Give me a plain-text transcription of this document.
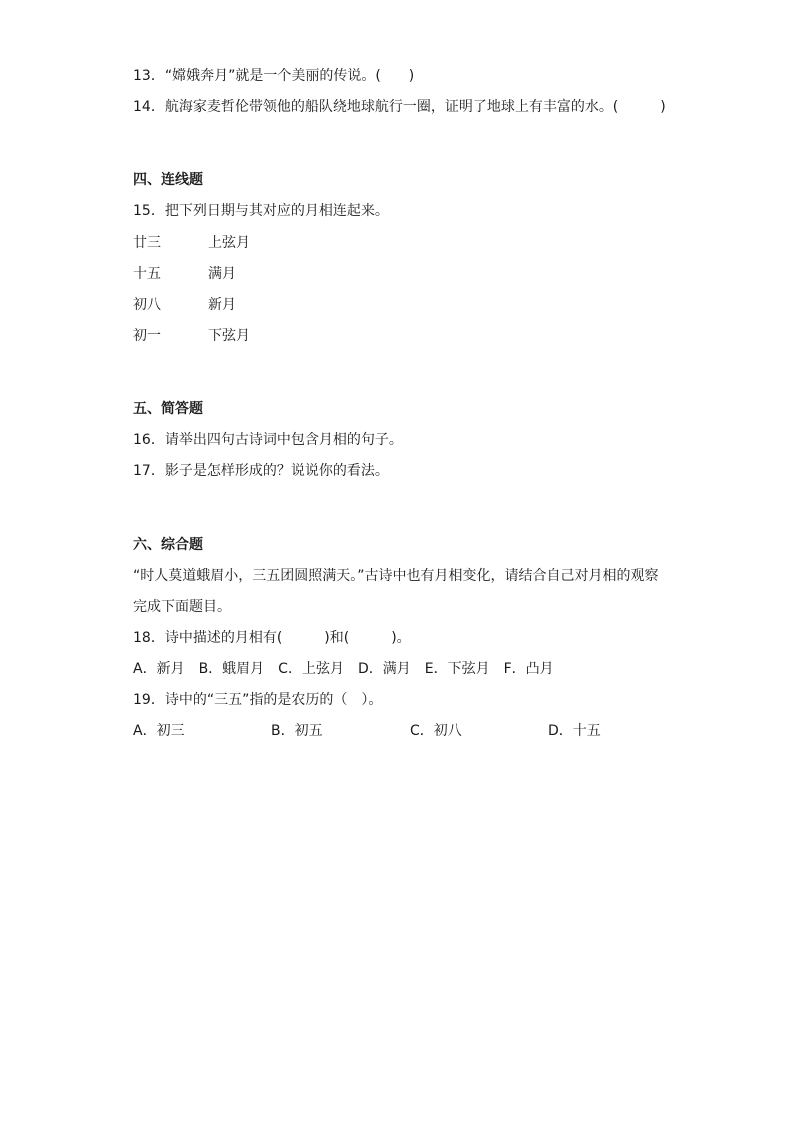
13．“嫦娥奔月”就是一个美丽的传说。(　　)
14．航海家麦哲伦带领他的船队绕地球航行一圈，证明了地球上有丰富的水。(　　　)
四、连线题
15．把下列日期与其对应的月相连起来。
廿三	上弦月
十五	满月
初八	新月
初一	下弦月
五、简答题
16．请举出四句古诗词中包含月相的句子。
17．影子是怎样形成的？说说你的看法。
六、综合题
“时人莫道蛾眉小，三五团圆照满天。”古诗中也有月相变化，请结合自己对月相的观察
完成下面题目。
18．诗中描述的月相有(　　　)和(　　　)。
A．新月　B．蛾眉月　C．上弦月　D．满月　E．下弦月　F．凸月
19．诗中的“三五”指的是农历的（　）。
A．初三	B．初五	C．初八	D．十五
